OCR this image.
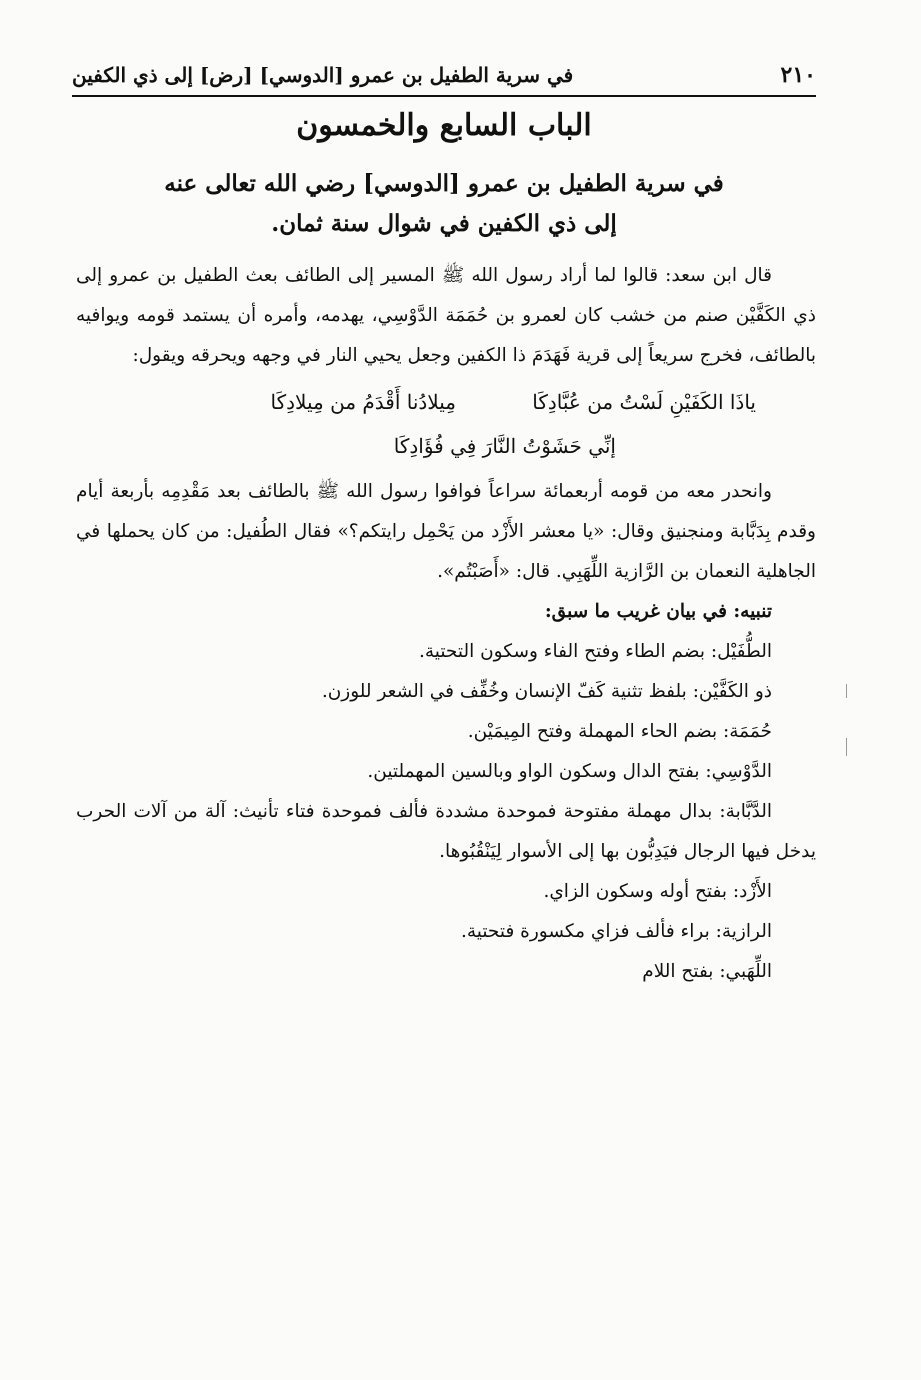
٢١٠
في سرية الطفيل بن عمرو [الدوسي] [رض] إلى ذي الكفين
الباب السابع والخمسون
في سرية الطفيل بن عمرو [الدوسي] رضي الله تعالى عنه
إلى ذي الكفين في شوال سنة ثمان.

قال ابن سعد: قالوا لما أراد رسول الله ﷺ المسير إلى الطائف بعث الطفيل بن عمرو إلى ذي الكَفَّيْن صنم من خشب كان لعمرو بن حُمَمَة الدَّوْسِي، يهدمه، وأمره أن يستمد قومه ويوافيه بالطائف، فخرج سريعاً إلى قرية فَهَدَمَ ذا الكفين وجعل يحيي النار في وجهه ويحرقه ويقول:

ياذَا الكَفَيْنِ لَسْتُ من عُبَّادِكَا
مِيلادُنا أَقْدَمُ من مِيلادِكَا
إنِّي حَشَوْتُ النَّارَ فِي فُؤَادِكَا

وانحدر معه من قومه أربعمائة سراعاً فوافوا رسول الله ﷺ بالطائف بعد مَقْدِمِه بأربعة أيام وقدم بِدَبَّابة ومنجنيق وقال: «يا معشر الأَزْد من يَحْمِل رايتكم؟» فقال الطُفيل: من كان يحملها في الجاهلية النعمان بن الرَّازية اللِّهَبِي. قال: «أَصَبْتُم».

تنبيه: في بيان غريب ما سبق:

الطُّفَيْل: بضم الطاء وفتح الفاء وسكون التحتية.

ذو الكَفَّيْن: بلفظ تثنية كَفّ الإنسان وخُفِّف في الشعر للوزن.

حُمَمَة: بضم الحاء المهملة وفتح المِيمَيْن.

الدَّوْسِي: بفتح الدال وسكون الواو وبالسين المهملتين.

الدَّبَّابة: بدال مهملة مفتوحة فموحدة مشددة فألف فموحدة فتاء تأنيث: آلة من آلات الحرب يدخل فيها الرجال فيَدِبُّون بها إلى الأسوار لِيَنْقُبُوها.

الأَزْد: بفتح أوله وسكون الزاي.

الرازية: براء فألف فزاي مكسورة فتحتية.

اللِّهَبي: بفتح اللام
